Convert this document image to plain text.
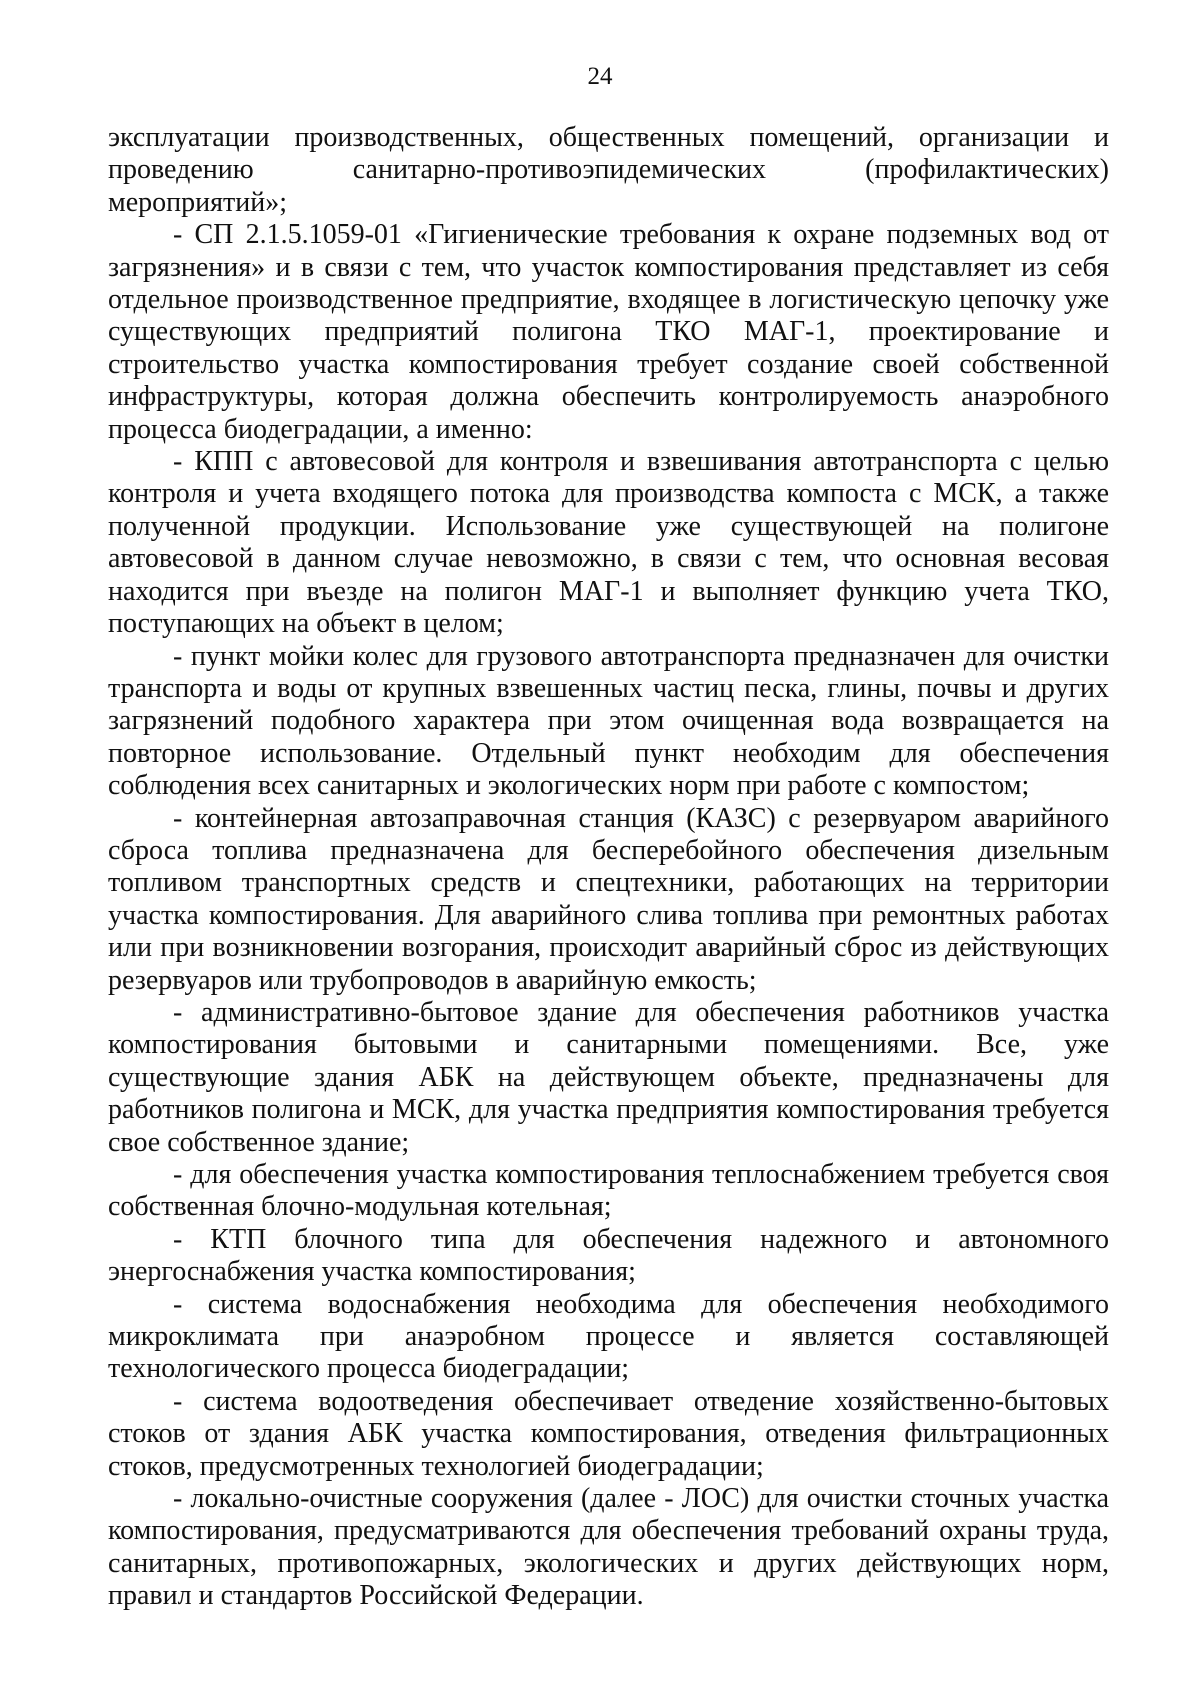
24

эксплуатации производственных, общественных помещений, организации и проведению санитарно-противоэпидемических (профилактических) мероприятий»;

- СП 2.1.5.1059-01 «Гигиенические требования к охране подземных вод от загрязнения» и в связи с тем, что участок компостирования представляет из себя отдельное производственное предприятие, входящее в логистическую цепочку уже существующих предприятий полигона ТКО МАГ-1, проектирование и строительство участка компостирования требует создание своей собственной инфраструктуры, которая должна обеспечить контролируемость анаэробного процесса биодеградации, а именно:

- КПП с автовесовой для контроля и взвешивания автотранспорта с целью контроля и учета входящего потока для производства компоста с МСК, а также полученной продукции. Использование уже существующей на полигоне автовесовой в данном случае невозможно, в связи с тем, что основная весовая находится при въезде на полигон МАГ-1 и выполняет функцию учета ТКО, поступающих на объект в целом;

- пункт мойки колес для грузового автотранспорта предназначен для очистки транспорта и воды от крупных взвешенных частиц песка, глины, почвы и других загрязнений подобного характера при этом очищенная вода возвращается на повторное использование. Отдельный пункт необходим для обеспечения соблюдения всех санитарных и экологических норм при работе с компостом;

- контейнерная автозаправочная станция (КАЗС) с резервуаром аварийного сброса топлива предназначена для бесперебойного обеспечения дизельным топливом транспортных средств и спецтехники, работающих на территории участка компостирования. Для аварийного слива топлива при ремонтных работах или при возникновении возгорания, происходит аварийный сброс из действующих резервуаров или трубопроводов в аварийную емкость;

- административно-бытовое здание для обеспечения работников участка компостирования бытовыми и санитарными помещениями. Все, уже существующие здания АБК на действующем объекте, предназначены для работников полигона и МСК, для участка предприятия компостирования требуется свое собственное здание;

- для обеспечения участка компостирования теплоснабжением требуется своя собственная блочно-модульная котельная;

- КТП блочного типа для обеспечения надежного и автономного энергоснабжения участка компостирования;

- система водоснабжения необходима для обеспечения необходимого микроклимата при анаэробном процессе и является составляющей технологического процесса биодеградации;

- система водоотведения обеспечивает отведение хозяйственно-бытовых стоков от здания АБК участка компостирования, отведения фильтрационных стоков, предусмотренных технологией биодеградации;

- локально-очистные сооружения (далее - ЛОС) для очистки сточных участка компостирования, предусматриваются для обеспечения требований охраны труда, санитарных, противопожарных, экологических и других действующих норм, правил и стандартов Российской Федерации.
